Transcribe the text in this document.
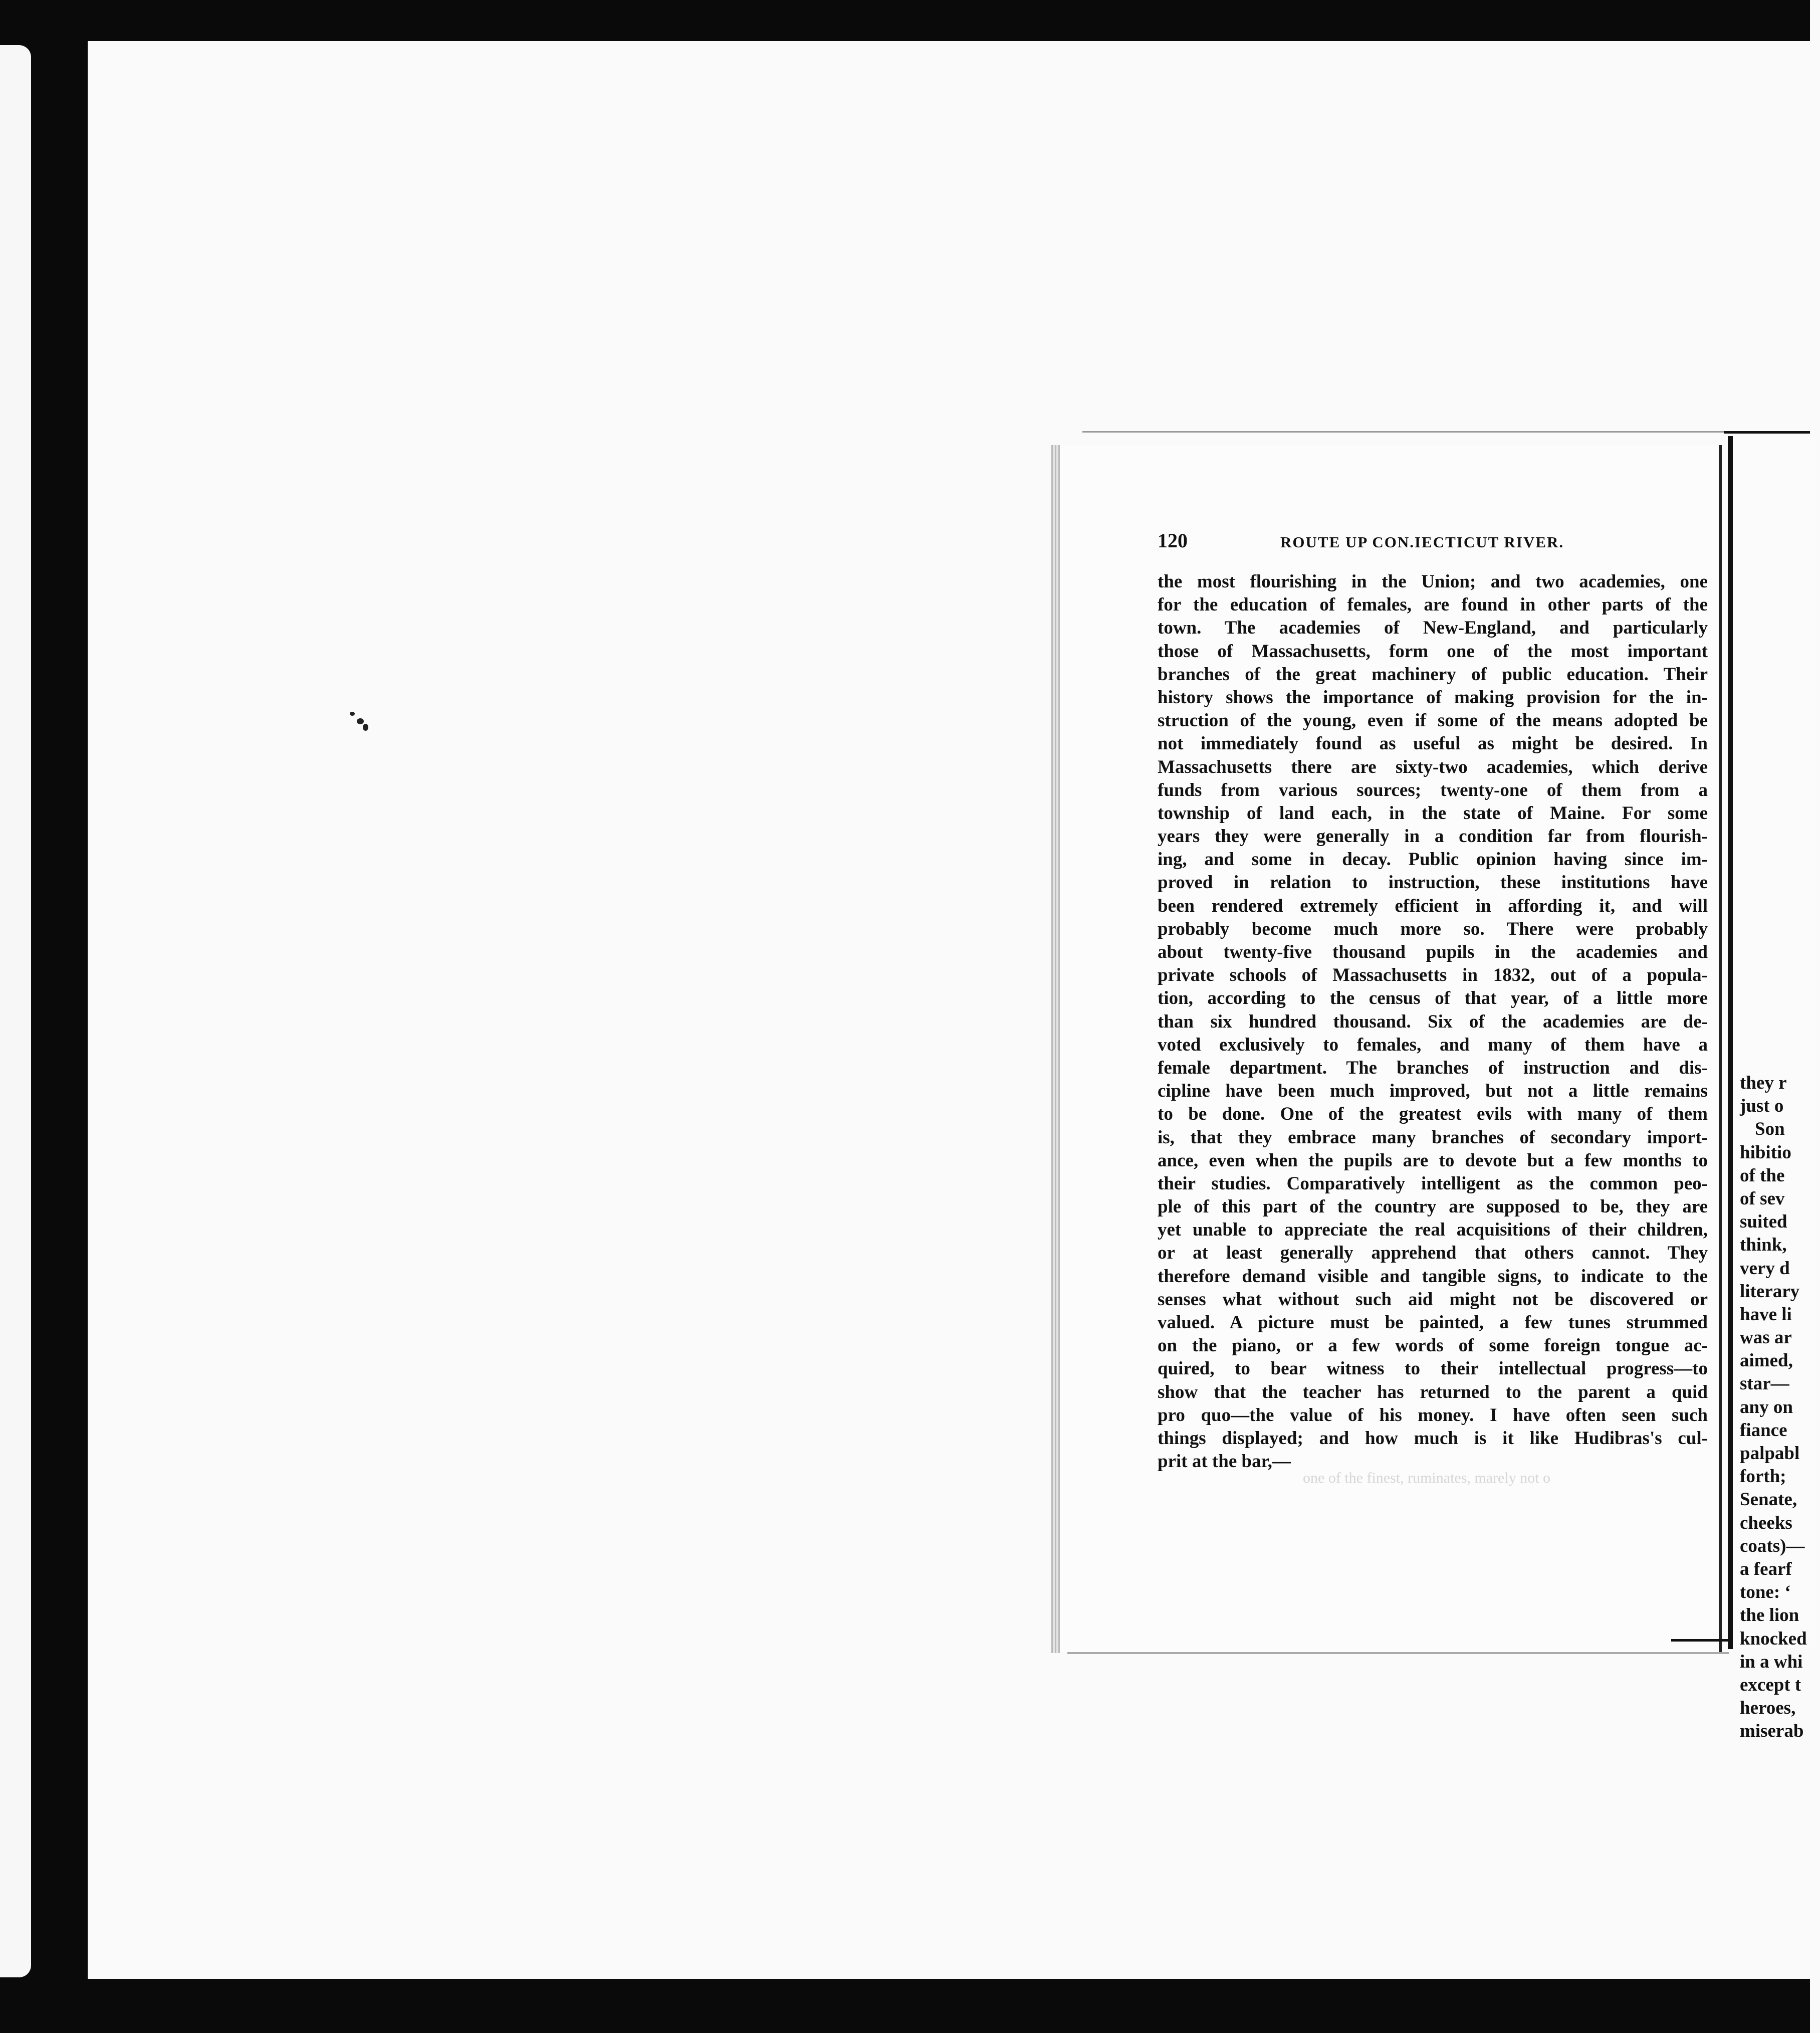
120	ROUTE UP CON.IECTICUT RIVER.
the most flourishing in the Union; and two academies, one
for the education of females, are found in other parts of the
town. The academies of New-England, and particularly
those of Massachusetts, form one of the most important
branches of the great machinery of public education. Their
history shows the importance of making provision for the in-
struction of the young, even if some of the means adopted be
not immediately found as useful as might be desired. In
Massachusetts there are sixty-two academies, which derive
funds from various sources; twenty-one of them from a
township of land each, in the state of Maine. For some
years they were generally in a condition far from flourish-
ing, and some in decay. Public opinion having since im-
proved in relation to instruction, these institutions have
been rendered extremely efficient in affording it, and will
probably become much more so. There were probably
about twenty-five thousand pupils in the academies and
private schools of Massachusetts in 1832, out of a popula-
tion, according to the census of that year, of a little more
than six hundred thousand. Six of the academies are de-
voted exclusively to females, and many of them have a
female department. The branches of instruction and dis-
cipline have been much improved, but not a little remains
to be done. One of the greatest evils with many of them
is, that they embrace many branches of secondary import-
ance, even when the pupils are to devote but a few months to
their studies. Comparatively intelligent as the common peo-
ple of this part of the country are supposed to be, they are
yet unable to appreciate the real acquisitions of their children,
or at least generally apprehend that others cannot. They
therefore demand visible and tangible signs, to indicate to the
senses what without such aid might not be discovered or
valued. A picture must be painted, a few tunes strummed
on the piano, or a few words of some foreign tongue ac-
quired, to bear witness to their intellectual progress—to
show that the teacher has returned to the parent a quid
pro quo—the value of his money. I have often seen such
things displayed; and how much is it like Hudibras's cul-
prit at the bar,—
one of the finest, ruminates, marely not o
they r
just o
Son
hibitio
of the
of sev
suited
think,
very d
literary
have li
was ar
aimed,
star—
any on
fiance
palpabl
forth;
Senate,
cheeks
coats)—
a fearf
tone: ‘
the lion
knocked
in a whi
except t
heroes,
miserab
